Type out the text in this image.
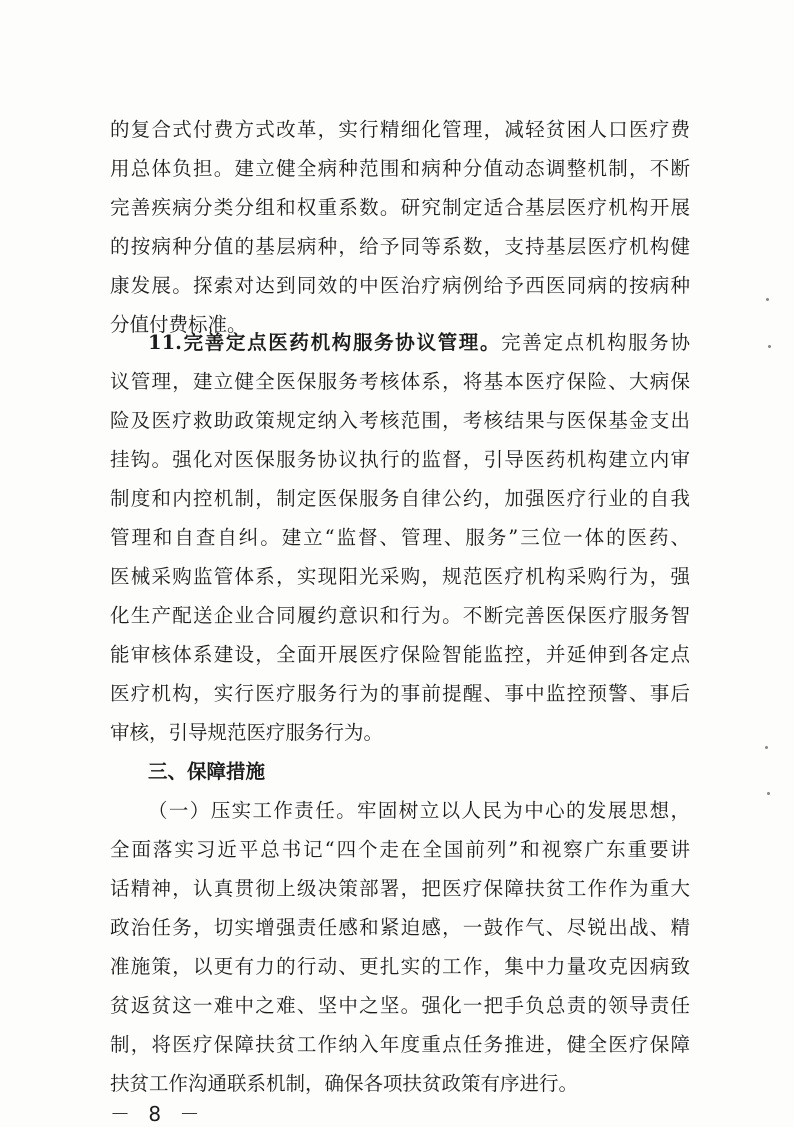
的复合式付费方式改革，实行精细化管理，减轻贫困人口医疗费
用总体负担。建立健全病种范围和病种分值动态调整机制，不断
完善疾病分类分组和权重系数。研究制定适合基层医疗机构开展
的按病种分值的基层病种，给予同等系数，支持基层医疗机构健
康发展。探索对达到同效的中医治疗病例给予西医同病的按病种
分值付费标准。
11.完善定点医药机构服务协议管理。完善定点机构服务协
议管理，建立健全医保服务考核体系，将基本医疗保险、大病保
险及医疗救助政策规定纳入考核范围，考核结果与医保基金支出
挂钩。强化对医保服务协议执行的监督，引导医药机构建立内审
制度和内控机制，制定医保服务自律公约，加强医疗行业的自我
管理和自查自纠。建立“监督、管理、服务”三位一体的医药、
医械采购监管体系，实现阳光采购，规范医疗机构采购行为，强
化生产配送企业合同履约意识和行为。不断完善医保医疗服务智
能审核体系建设，全面开展医疗保险智能监控，并延伸到各定点
医疗机构，实行医疗服务行为的事前提醒、事中监控预警、事后
审核，引导规范医疗服务行为。
三、保障措施
（一）压实工作责任。牢固树立以人民为中心的发展思想，
全面落实习近平总书记“四个走在全国前列”和视察广东重要讲
话精神，认真贯彻上级决策部署，把医疗保障扶贫工作作为重大
政治任务，切实增强责任感和紧迫感，一鼓作气、尽锐出战、精
准施策，以更有力的行动、更扎实的工作，集中力量攻克因病致
贫返贫这一难中之难、坚中之坚。强化一把手负总责的领导责任
制，将医疗保障扶贫工作纳入年度重点任务推进，健全医疗保障
扶贫工作沟通联系机制，确保各项扶贫政策有序进行。
－ 8 －
